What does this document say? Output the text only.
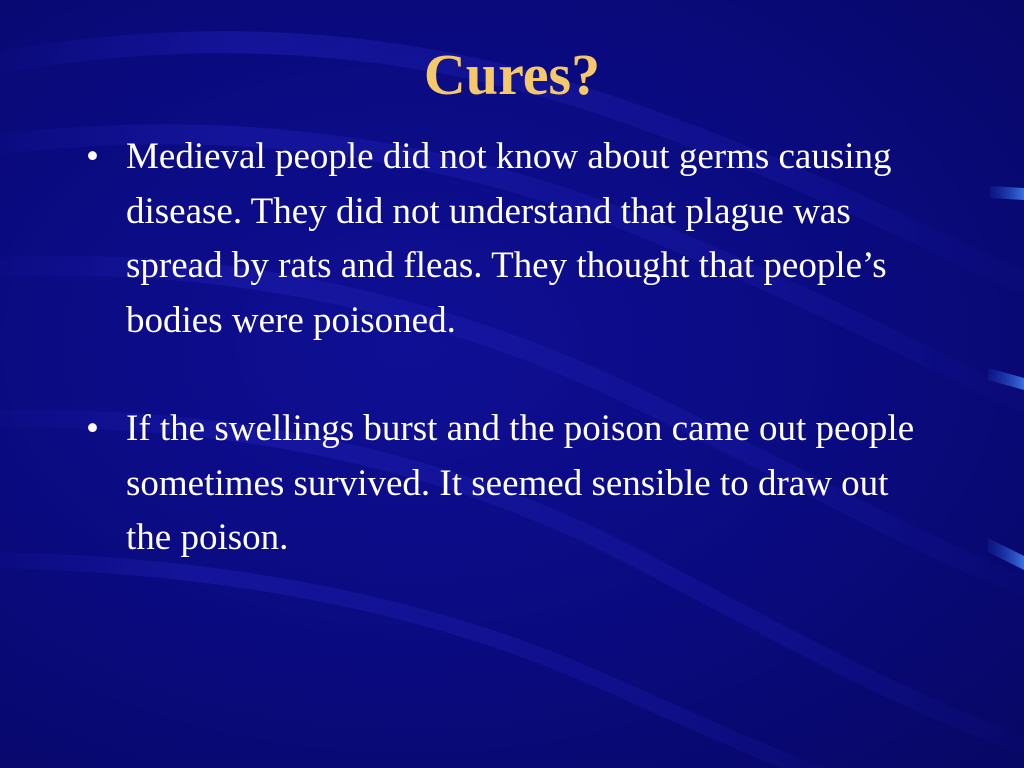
Cures?
• Medieval people did not know about germs causing disease. They did not understand that plague was spread by rats and fleas. They thought that people’s bodies were poisoned.
• If the swellings burst and the poison came out people sometimes survived. It seemed sensible to draw out the poison.
